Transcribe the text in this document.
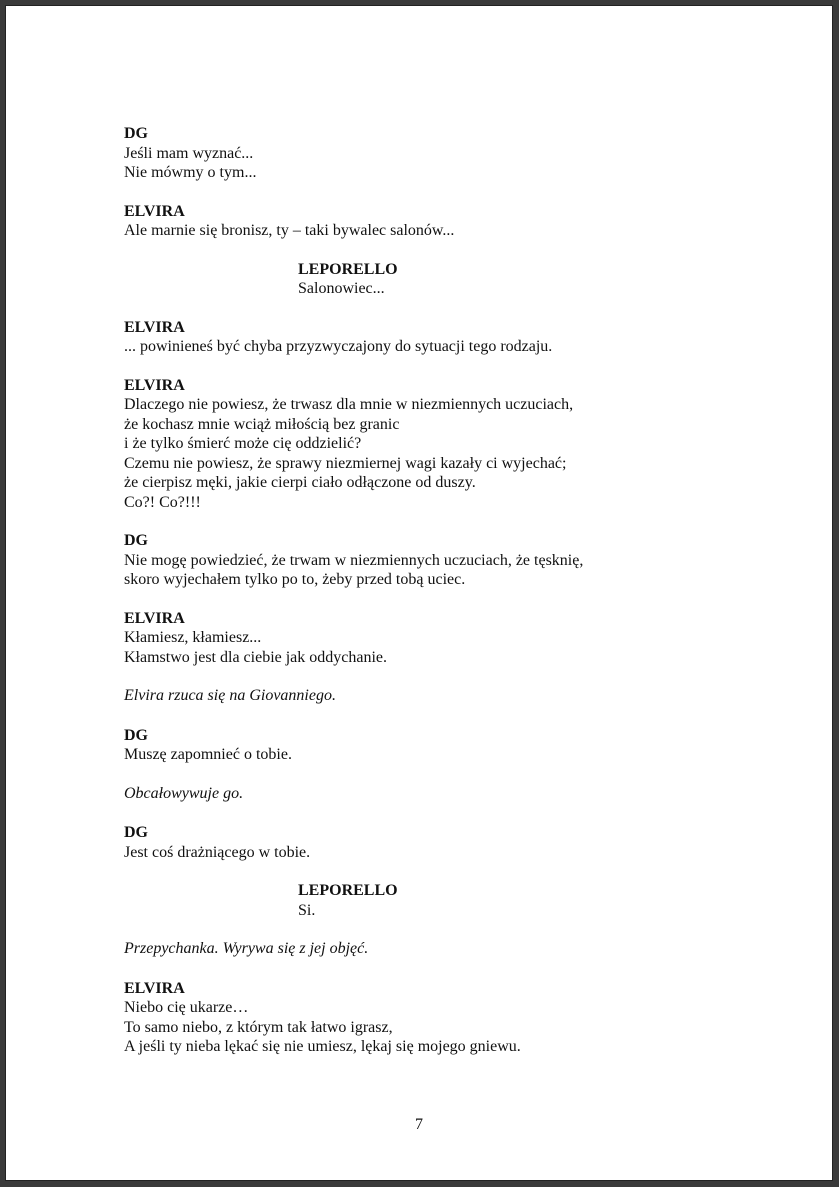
DG
Jeśli mam wyznać...
Nie mówmy o tym...
ELVIRA
Ale marnie się bronisz, ty – taki bywalec salonów...
LEPORELLO
Salonowiec...
ELVIRA
... powinieneś być chyba przyzwyczajony do sytuacji tego rodzaju.
ELVIRA
Dlaczego nie powiesz, że trwasz dla mnie w niezmiennych uczuciach,
że kochasz mnie wciąż miłością bez granic
i że tylko śmierć może cię oddzielić?
Czemu nie powiesz, że sprawy niezmiernej wagi kazały ci wyjechać;
że cierpisz męki, jakie cierpi ciało odłączone od duszy.
Co?! Co?!!!
DG
Nie mogę powiedzieć, że trwam w niezmiennych uczuciach, że tęsknię,
skoro wyjechałem tylko po to, żeby przed tobą uciec.
ELVIRA
Kłamiesz, kłamiesz...
Kłamstwo jest dla ciebie jak oddychanie.
Elvira rzuca się na Giovanniego.
DG
Muszę zapomnieć o tobie.
Obcałowywuje go.
DG
Jest coś drażniącego w tobie.
LEPORELLO
Si.
Przepychanka. Wyrywa się z jej objęć.
ELVIRA
Niebo cię ukarze…
To samo niebo, z którym tak łatwo igrasz,
A jeśli ty nieba lękać się nie umiesz, lękaj się mojego gniewu.
7
